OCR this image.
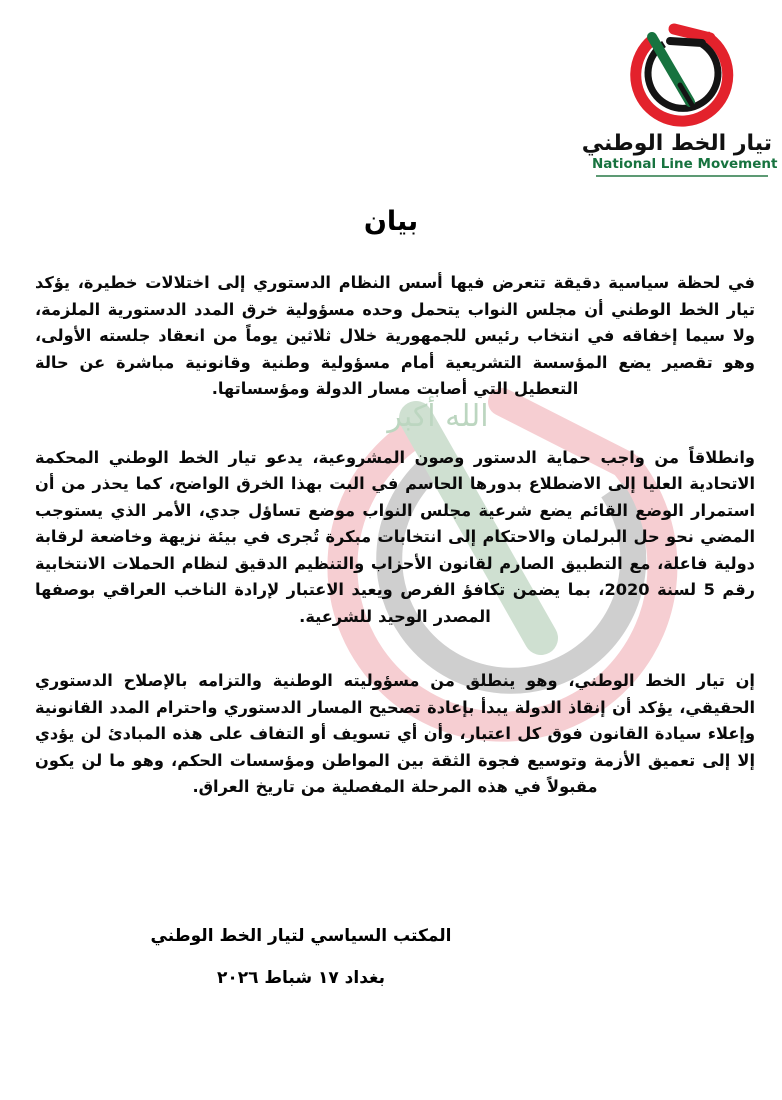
الله أكبر
تيار الخط الوطني
National Line Movement
بيان

في لحظة سياسية دقيقة تتعرض فيها أسس النظام الدستوري إلى اختلالات خطيرة، يؤكد تيار الخط الوطني أن مجلس النواب يتحمل وحده مسؤولية خرق المدد الدستورية الملزمة، ولا سيما إخفاقه في انتخاب رئيس للجمهورية خلال ثلاثين يوماً من انعقاد جلسته الأولى، وهو تقصير يضع المؤسسة التشريعية أمام مسؤولية وطنية وقانونية مباشرة عن حالة التعطيل التي أصابت مسار الدولة ومؤسساتها.

وانطلاقاً من واجب حماية الدستور وصون المشروعية، يدعو تيار الخط الوطني المحكمة الاتحادية العليا إلى الاضطلاع بدورها الحاسم في البت بهذا الخرق الواضح، كما يحذر من أن استمرار الوضع القائم يضع شرعية مجلس النواب موضع تساؤل جدي، الأمر الذي يستوجب المضي نحو حل البرلمان والاحتكام إلى انتخابات مبكرة تُجرى في بيئة نزيهة وخاضعة لرقابة دولية فاعلة، مع التطبيق الصارم لقانون الأحزاب والتنظيم الدقيق لنظام الحملات الانتخابية رقم 5 لسنة 2020، بما يضمن تكافؤ الفرص ويعيد الاعتبار لإرادة الناخب العراقي بوصفها المصدر الوحيد للشرعية.

إن تيار الخط الوطني، وهو ينطلق من مسؤوليته الوطنية والتزامه بالإصلاح الدستوري الحقيقي، يؤكد أن إنقاذ الدولة يبدأ بإعادة تصحيح المسار الدستوري واحترام المدد القانونية وإعلاء سيادة القانون فوق كل اعتبار، وأن أي تسويف أو التفاف على هذه المبادئ لن يؤدي إلا إلى تعميق الأزمة وتوسيع فجوة الثقة بين المواطن ومؤسسات الحكم، وهو ما لن يكون مقبولاً في هذه المرحلة المفصلية من تاريخ العراق.

المكتب السياسي لتيار الخط الوطني
بغداد ١٧ شباط ٢٠٢٦
